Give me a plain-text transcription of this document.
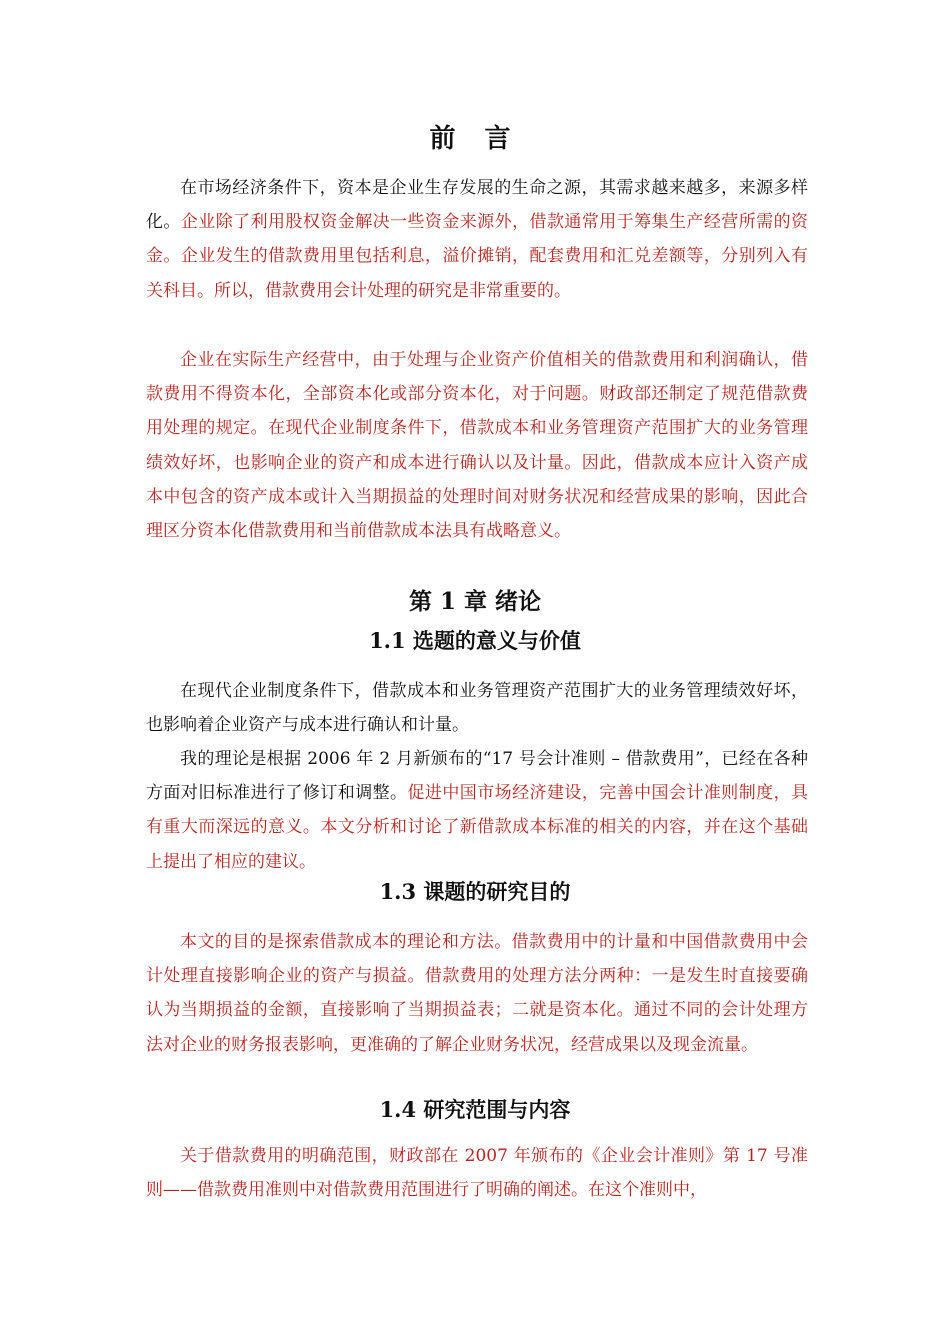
前 言

在市场经济条件下，资本是企业生存发展的生命之源，其需求越来越多，来源多样化。企业除了利用股权资金解决一些资金来源外，借款通常用于筹集生产经营所需的资金。企业发生的借款费用里包括利息，溢价摊销，配套费用和汇兑差额等，分别列入有关科目。所以，借款费用会计处理的研究是非常重要的。

企业在实际生产经营中，由于处理与企业资产价值相关的借款费用和利润确认，借款费用不得资本化，全部资本化或部分资本化，对于问题。财政部还制定了规范借款费用处理的规定。在现代企业制度条件下，借款成本和业务管理资产范围扩大的业务管理绩效好坏，也影响企业的资产和成本进行确认以及计量。因此，借款成本应计入资产成本中包含的资产成本或计入当期损益的处理时间对财务状况和经营成果的影响，因此合理区分资本化借款费用和当前借款成本法具有战略意义。

第 1 章 绪论
1.1 选题的意义与价值

在现代企业制度条件下，借款成本和业务管理资产范围扩大的业务管理绩效好坏，也影响着企业资产与成本进行确认和计量。

我的理论是根据 2006 年 2 月新颁布的“17 号会计准则 – 借款费用”，已经在各种方面对旧标准进行了修订和调整。促进中国市场经济建设，完善中国会计准则制度，具有重大而深远的意义。本文分析和讨论了新借款成本标准的相关的内容，并在这个基础上提出了相应的建议。

1.3 课题的研究目的

本文的目的是探索借款成本的理论和方法。借款费用中的计量和中国借款费用中会计处理直接影响企业的资产与损益。借款费用的处理方法分两种：一是发生时直接要确认为当期损益的金额，直接影响了当期损益表；二就是资本化。通过不同的会计处理方法对企业的财务报表影响，更准确的了解企业财务状况，经营成果以及现金流量。

1.4 研究范围与内容

关于借款费用的明确范围，财政部在 2007 年颁布的《企业会计准则》第 17 号准则——借款费用准则中对借款费用范围进行了明确的阐述。在这个准则中，
